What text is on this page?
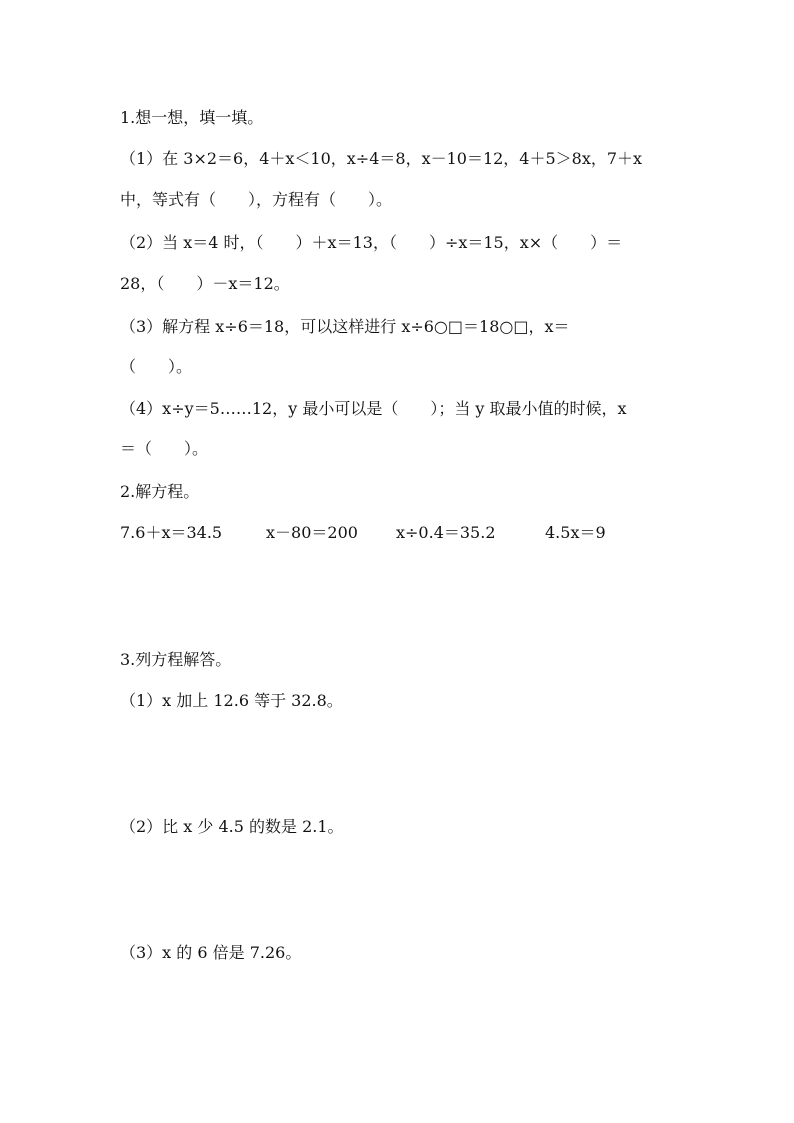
1.想一想，填一填。
（1）在 3×2＝6，4＋x＜10，x÷4＝8，x－10＝12，4＋5＞8x，7＋x
中，等式有（　　），方程有（　　）。
（2）当 x＝4 时，（　　）＋x＝13，（　　）÷x＝15，x×（　　）＝
28，（　　）－x＝12。
（3）解方程 x÷6＝18，可以这样进行 x÷6○□＝18○□，x＝
（　　）。
（4）x÷y＝5……12，y 最小可以是（　　）；当 y 取最小值的时候，x
＝（　　）。
2.解方程。
7.6＋x＝34.5	x－80＝200 x÷0.4＝35.2	4.5x＝9
3.列方程解答。
（1）x 加上 12.6 等于 32.8。
（2）比 x 少 4.5 的数是 2.1。
（3）x 的 6 倍是 7.26。
